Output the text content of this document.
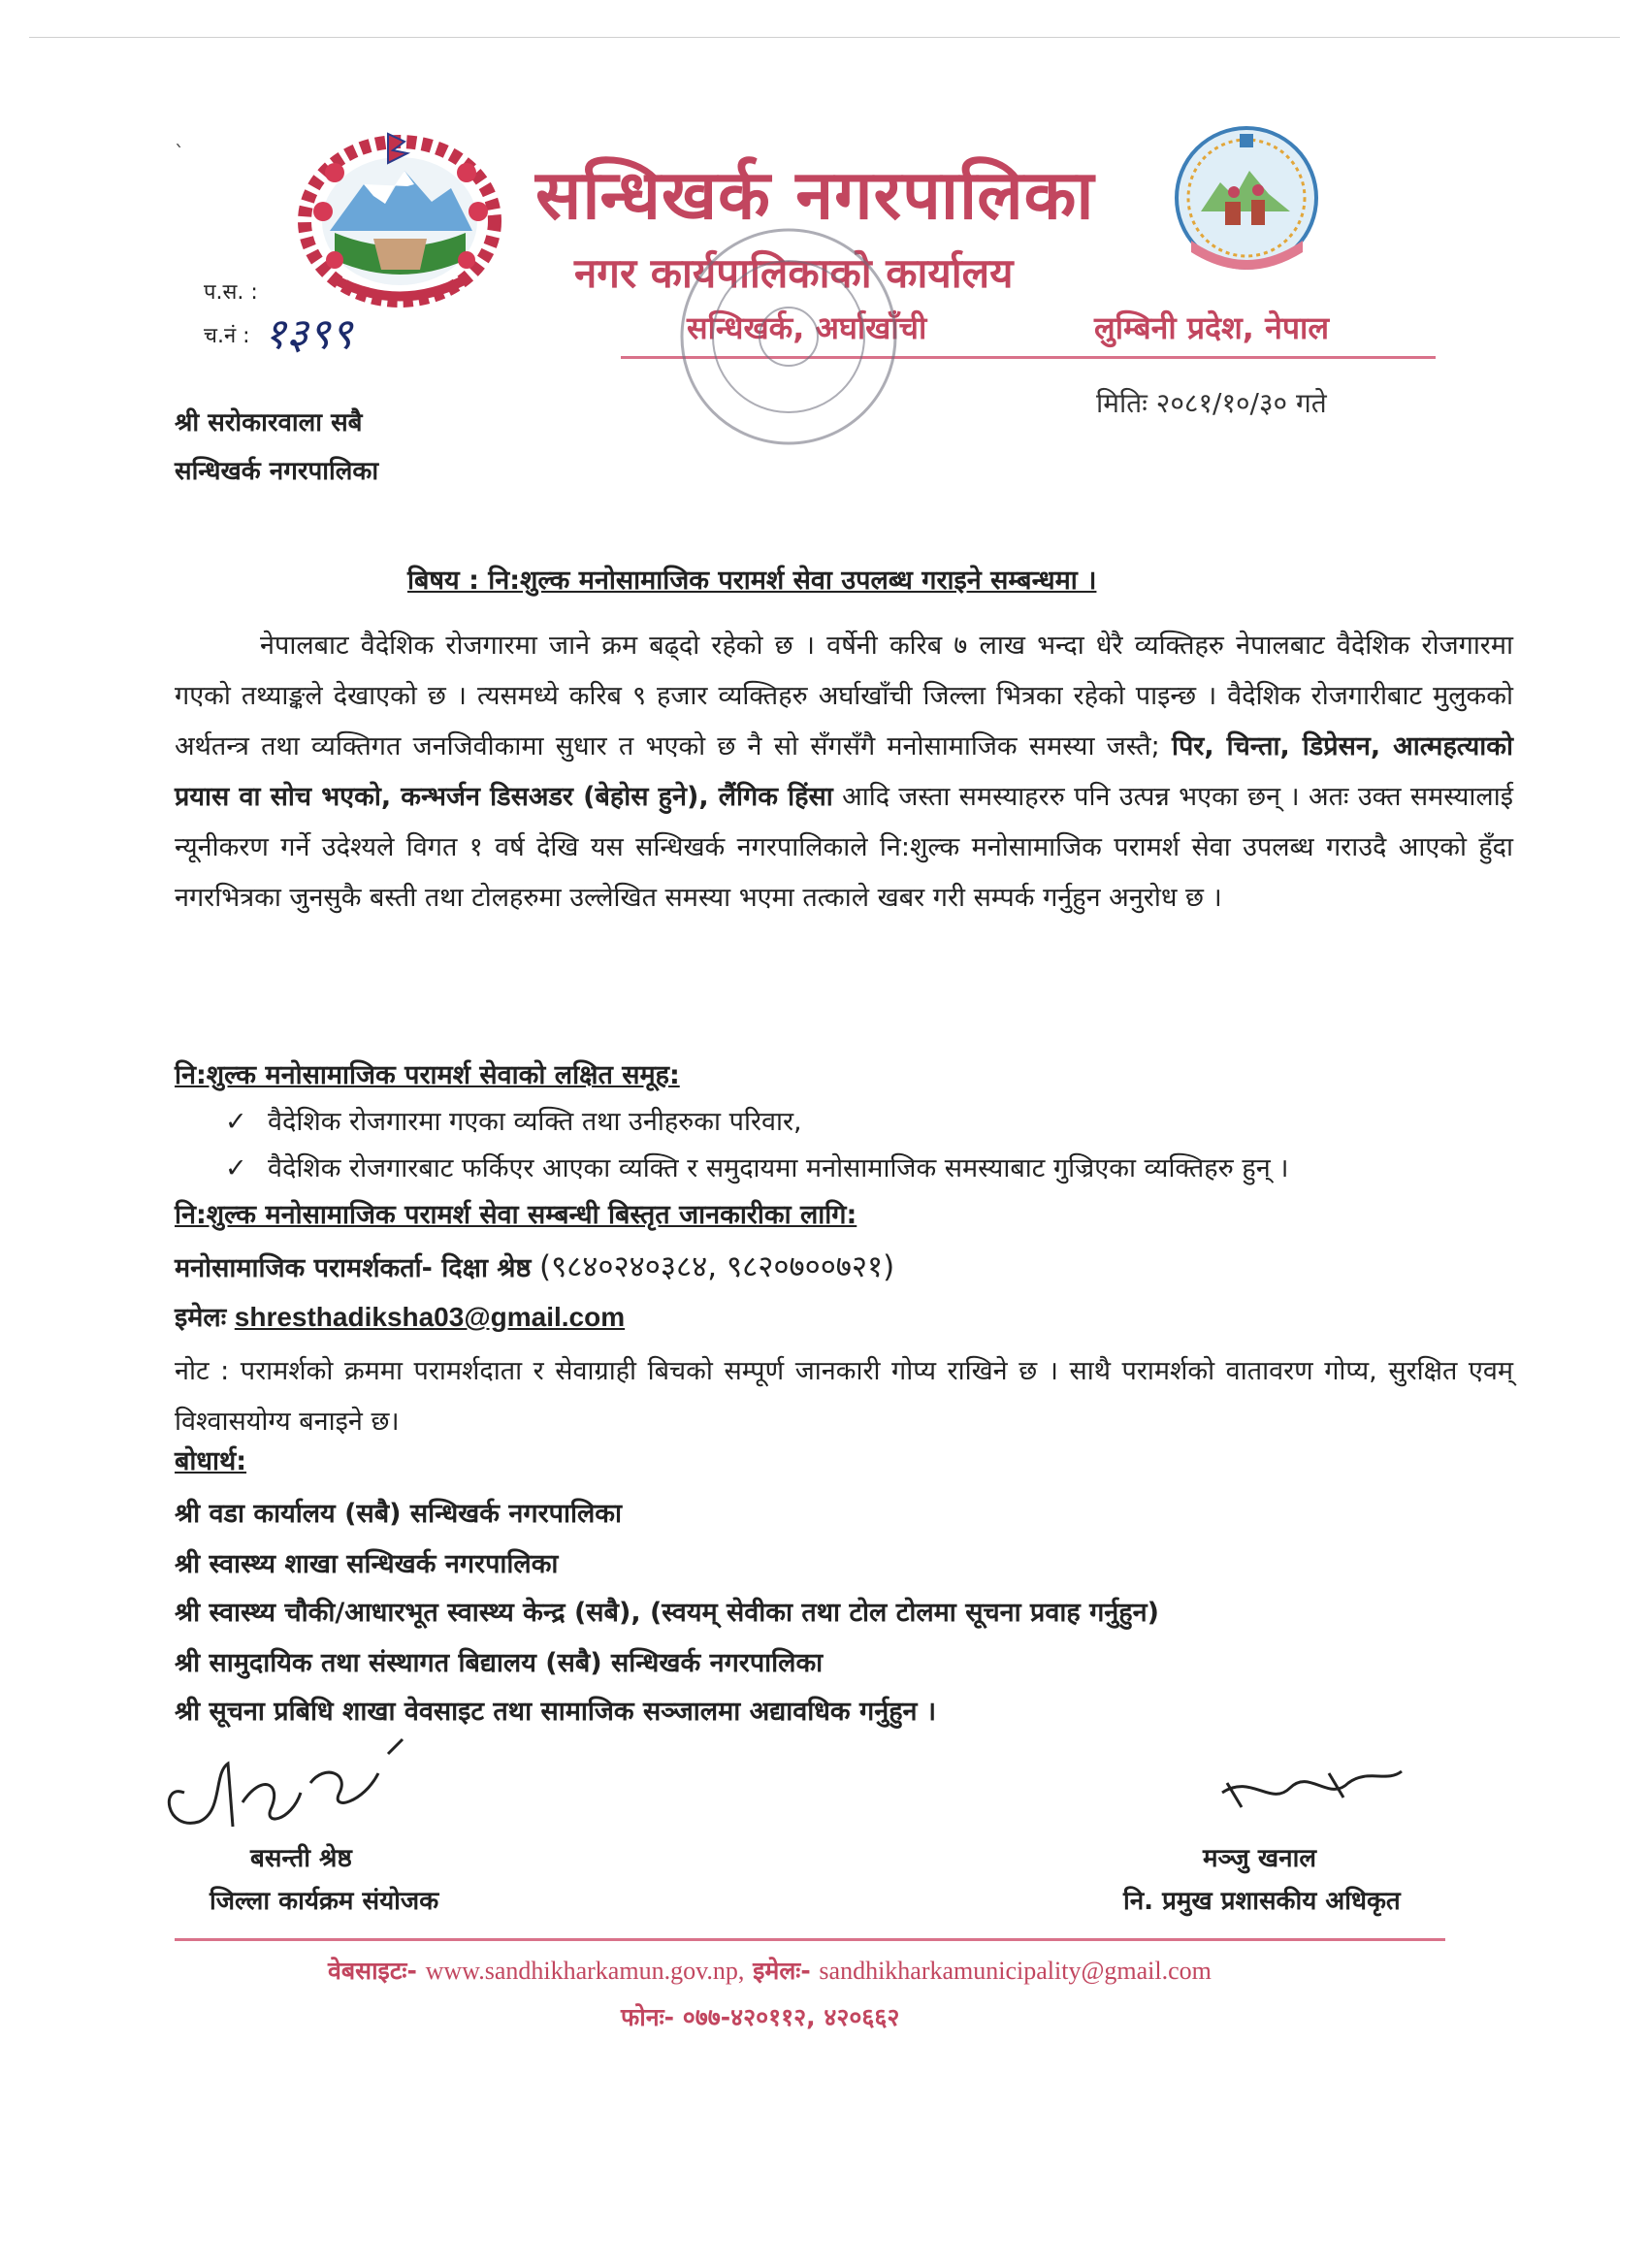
ˎ
सन्धिखर्क नगरपालिका
नगर कार्यपालिकाको कार्यालय
सन्धिखर्क, अर्घाखाँची	लुम्बिनी प्रदेश, नेपाल
प.स. :
च.नं : १३९९
मितिः २०८१/१०/३० गते
श्री सरोकारवाला सबै
सन्धिखर्क नगरपालिका
बिषय : नि:शुल्क मनोसामाजिक परामर्श सेवा उपलब्ध गराइने सम्बन्धमा ।
नेपालबाट वैदेशिक रोजगारमा जाने क्रम बढ्दो रहेको छ । वर्षेनी करिब ७ लाख भन्दा धेरै व्यक्तिहरु नेपालबाट वैदेशिक रोजगारमा गएको तथ्याङ्कले देखाएको छ । त्यसमध्ये करिब ९ हजार व्यक्तिहरु अर्घाखाँची जिल्ला भित्रका रहेको पाइन्छ । वैदेशिक रोजगारीबाट मुलुकको अर्थतन्त्र तथा व्यक्तिगत जनजिवीकामा सुधार त भएको छ नै सो सँगसँगै मनोसामाजिक समस्या जस्तै; पिर, चिन्ता, डिप्रेसन, आत्महत्याको प्रयास वा सोच भएको, कन्भर्जन डिसअडर (बेहोस हुने), लैंगिक हिंसा आदि जस्ता समस्याहररु पनि उत्पन्न भएका छन् । अतः उक्त समस्यालाई न्यूनीकरण गर्ने उदेश्यले विगत १ वर्ष देखि यस सन्धिखर्क नगरपालिकाले नि:शुल्क मनोसामाजिक परामर्श सेवा उपलब्ध गराउदै आएको हुँदा नगरभित्रका जुनसुकै बस्ती तथा टोलहरुमा उल्लेखित समस्या भएमा तत्काले खबर गरी सम्पर्क गर्नुहुन अनुरोध छ ।
नि:शुल्क मनोसामाजिक परामर्श सेवाको लक्षित समूह:
✓ वैदेशिक रोजगारमा गएका व्यक्ति तथा उनीहरुका परिवार,
✓ वैदेशिक रोजगारबाट फर्किएर आएका व्यक्ति र समुदायमा मनोसामाजिक समस्याबाट गुज्रिएका व्यक्तिहरु हुन् ।
नि:शुल्क मनोसामाजिक परामर्श सेवा सम्बन्धी बिस्तृत जानकारीका लागि:
मनोसामाजिक परामर्शकर्ता- दिक्षा श्रेष्ठ (९८४०२४०३८४, ९८२०७००७२१)
इमेलः shresthadiksha03@gmail.com
नोट : परामर्शको क्रममा परामर्शदाता र सेवाग्राही बिचको सम्पूर्ण जानकारी गोप्य राखिने छ । साथै परामर्शको वातावरण गोप्य, सुरक्षित एवम् विश्वासयोग्य बनाइने छ।
बोधार्थ:
श्री वडा कार्यालय (सबै) सन्धिखर्क नगरपालिका
श्री स्वास्थ्य शाखा सन्धिखर्क नगरपालिका
श्री स्वास्थ्य चौकी/आधारभूत स्वास्थ्य केन्द्र (सबै), (स्वयम् सेवीका तथा टोल टोलमा सूचना प्रवाह गर्नुहुन)
श्री सामुदायिक तथा संस्थागत बिद्यालय (सबै) सन्धिखर्क नगरपालिका
श्री सूचना प्रबिधि शाखा वेवसाइट तथा सामाजिक सञ्जालमा अद्यावधिक गर्नुहुन ।
बसन्ती श्रेष्ठ
जिल्ला कार्यक्रम संयोजक
मञ्जु खनाल
नि. प्रमुख प्रशासकीय अधिकृत
वेबसाइटः- www.sandhikharkamun.gov.np, इमेलः- sandhikharkamunicipality@gmail.com
फोनः- ०७७-४२०११२, ४२०६६२
